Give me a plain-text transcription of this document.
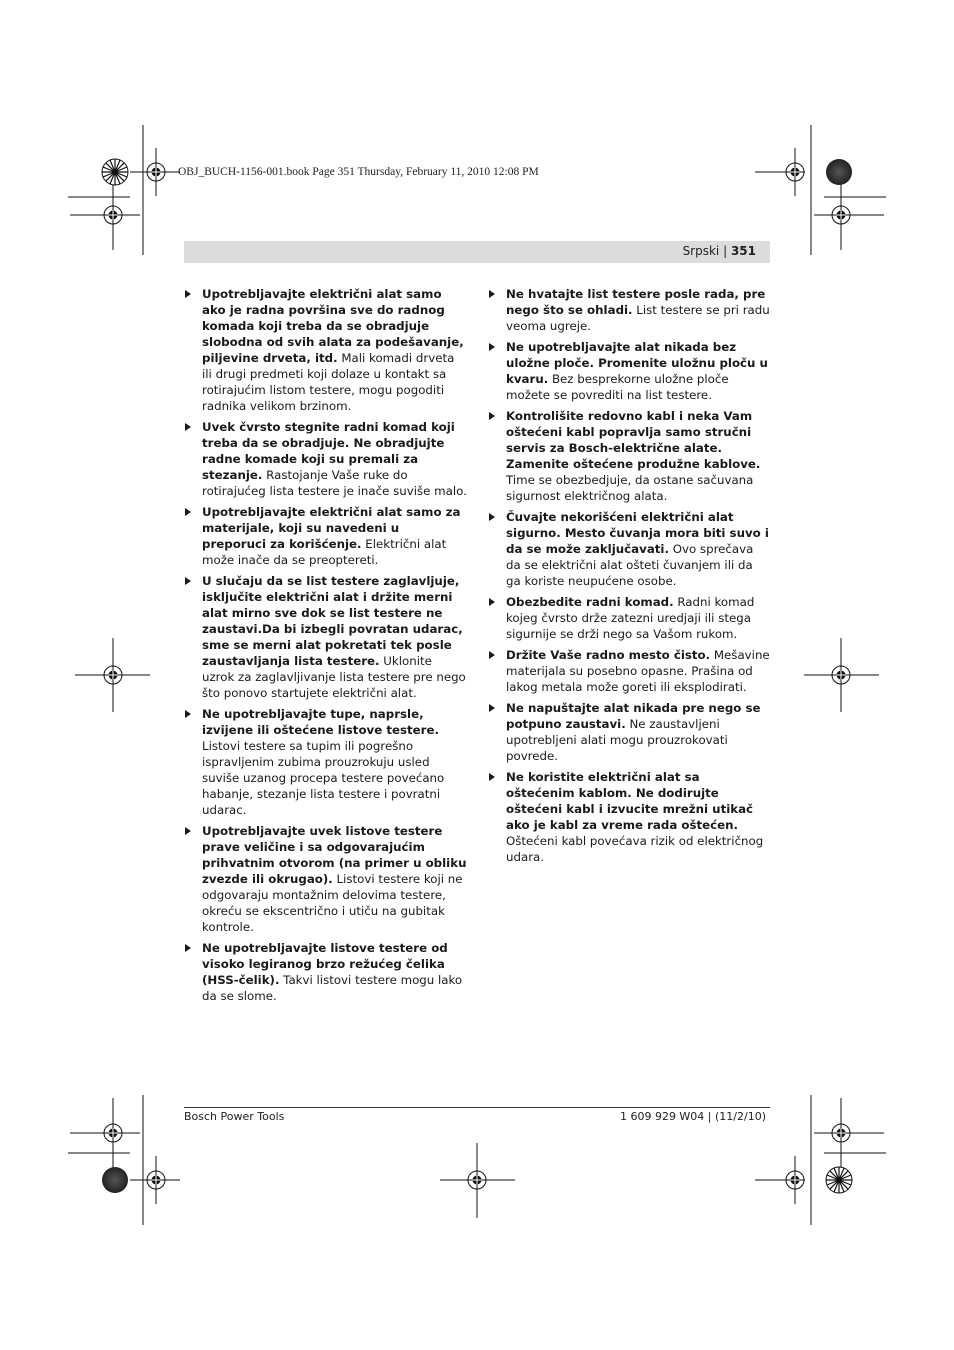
OBJ_BUCH-1156-001.book Page 351 Thursday, February 11, 2010 12:08 PM
Srpski | 351
Upotrebljavajte električni alat samo ako je radna površina sve do radnog komada koji treba da se obradjuje slobodna od svih alata za podešavanje, piljevine drveta, itd. Mali komadi drveta ili drugi predmeti koji dolaze u kontakt sa rotirajućim listom testere, mogu pogoditi radnika velikom brzinom.
Uvek čvrsto stegnite radni komad koji treba da se obradjuje. Ne obradjujte radne komade koji su premali za stezanje. Rastojanje Vaše ruke do rotirajućeg lista testere je inače suviše malo.
Upotrebljavajte električni alat samo za materijale, koji su navedeni u preporuci za korišćenje. Električni alat može inače da se preoptereti.
U slučaju da se list testere zaglavljuje, isključite električni alat i držite merni alat mirno sve dok se list testere ne zaustavi.Da bi izbegli povratan udarac, sme se merni alat pokretati tek posle zaustavljanja lista testere. Uklonite uzrok za zaglavljivanje lista testere pre nego što ponovo startujete električni alat.
Ne upotrebljavajte tupe, naprsle, izvijene ili oštećene listove testere. Listovi testere sa tupim ili pogrešno ispravljenim zubima prouzrokuju usled suviše uzanog procepa testere povećano habanje, stezanje lista testere i povratni udarac.
Upotrebljavajte uvek listove testere prave veličine i sa odgovarajućim prihvatnim otvorom (na primer u obliku zvezde ili okrugao). Listovi testere koji ne odgovaraju montažnim delovima testere, okreću se ekscentrično i utiču na gubitak kontrole.
Ne upotrebljavajte listove testere od visoko legiranog brzo režućeg čelika (HSS-čelik). Takvi listovi testere mogu lako da se slome.
Ne hvatajte list testere posle rada, pre nego što se ohladi. List testere se pri radu veoma ugreje.
Ne upotrebljavajte alat nikada bez uložne ploče. Promenite uložnu ploču u kvaru. Bez besprekorne uložne ploče možete se povrediti na list testere.
Kontrolišite redovno kabl i neka Vam oštećeni kabl popravlja samo stručni servis za Bosch-električne alate. Zamenite oštećene produžne kablove. Time se obezbedjuje, da ostane sačuvana sigurnost električnog alata.
Čuvajte nekorišćeni električni alat sigurno. Mesto čuvanja mora biti suvo i da se može zaključavati. Ovo sprečava da se električni alat ošteti čuvanjem ili da ga koriste neupućene osobe.
Obezbedite radni komad. Radni komad kojeg čvrsto drže zatezni uredjaji ili stega sigurnije se drži nego sa Vašom rukom.
Držite Vaše radno mesto čisto. Mešavine materijala su posebno opasne. Prašina od lakog metala može goreti ili eksplodirati.
Ne napuštajte alat nikada pre nego se potpuno zaustavi. Ne zaustavljeni upotrebljeni alati mogu prouzrokovati povrede.
Ne koristite električni alat sa oštećenim kablom. Ne dodirujte oštećeni kabl i izvucite mrežni utikač ako je kabl za vreme rada oštećen. Oštećeni kabl povećava rizik od električnog udara.
Bosch Power Tools	1 609 929 W04 | (11/2/10)
